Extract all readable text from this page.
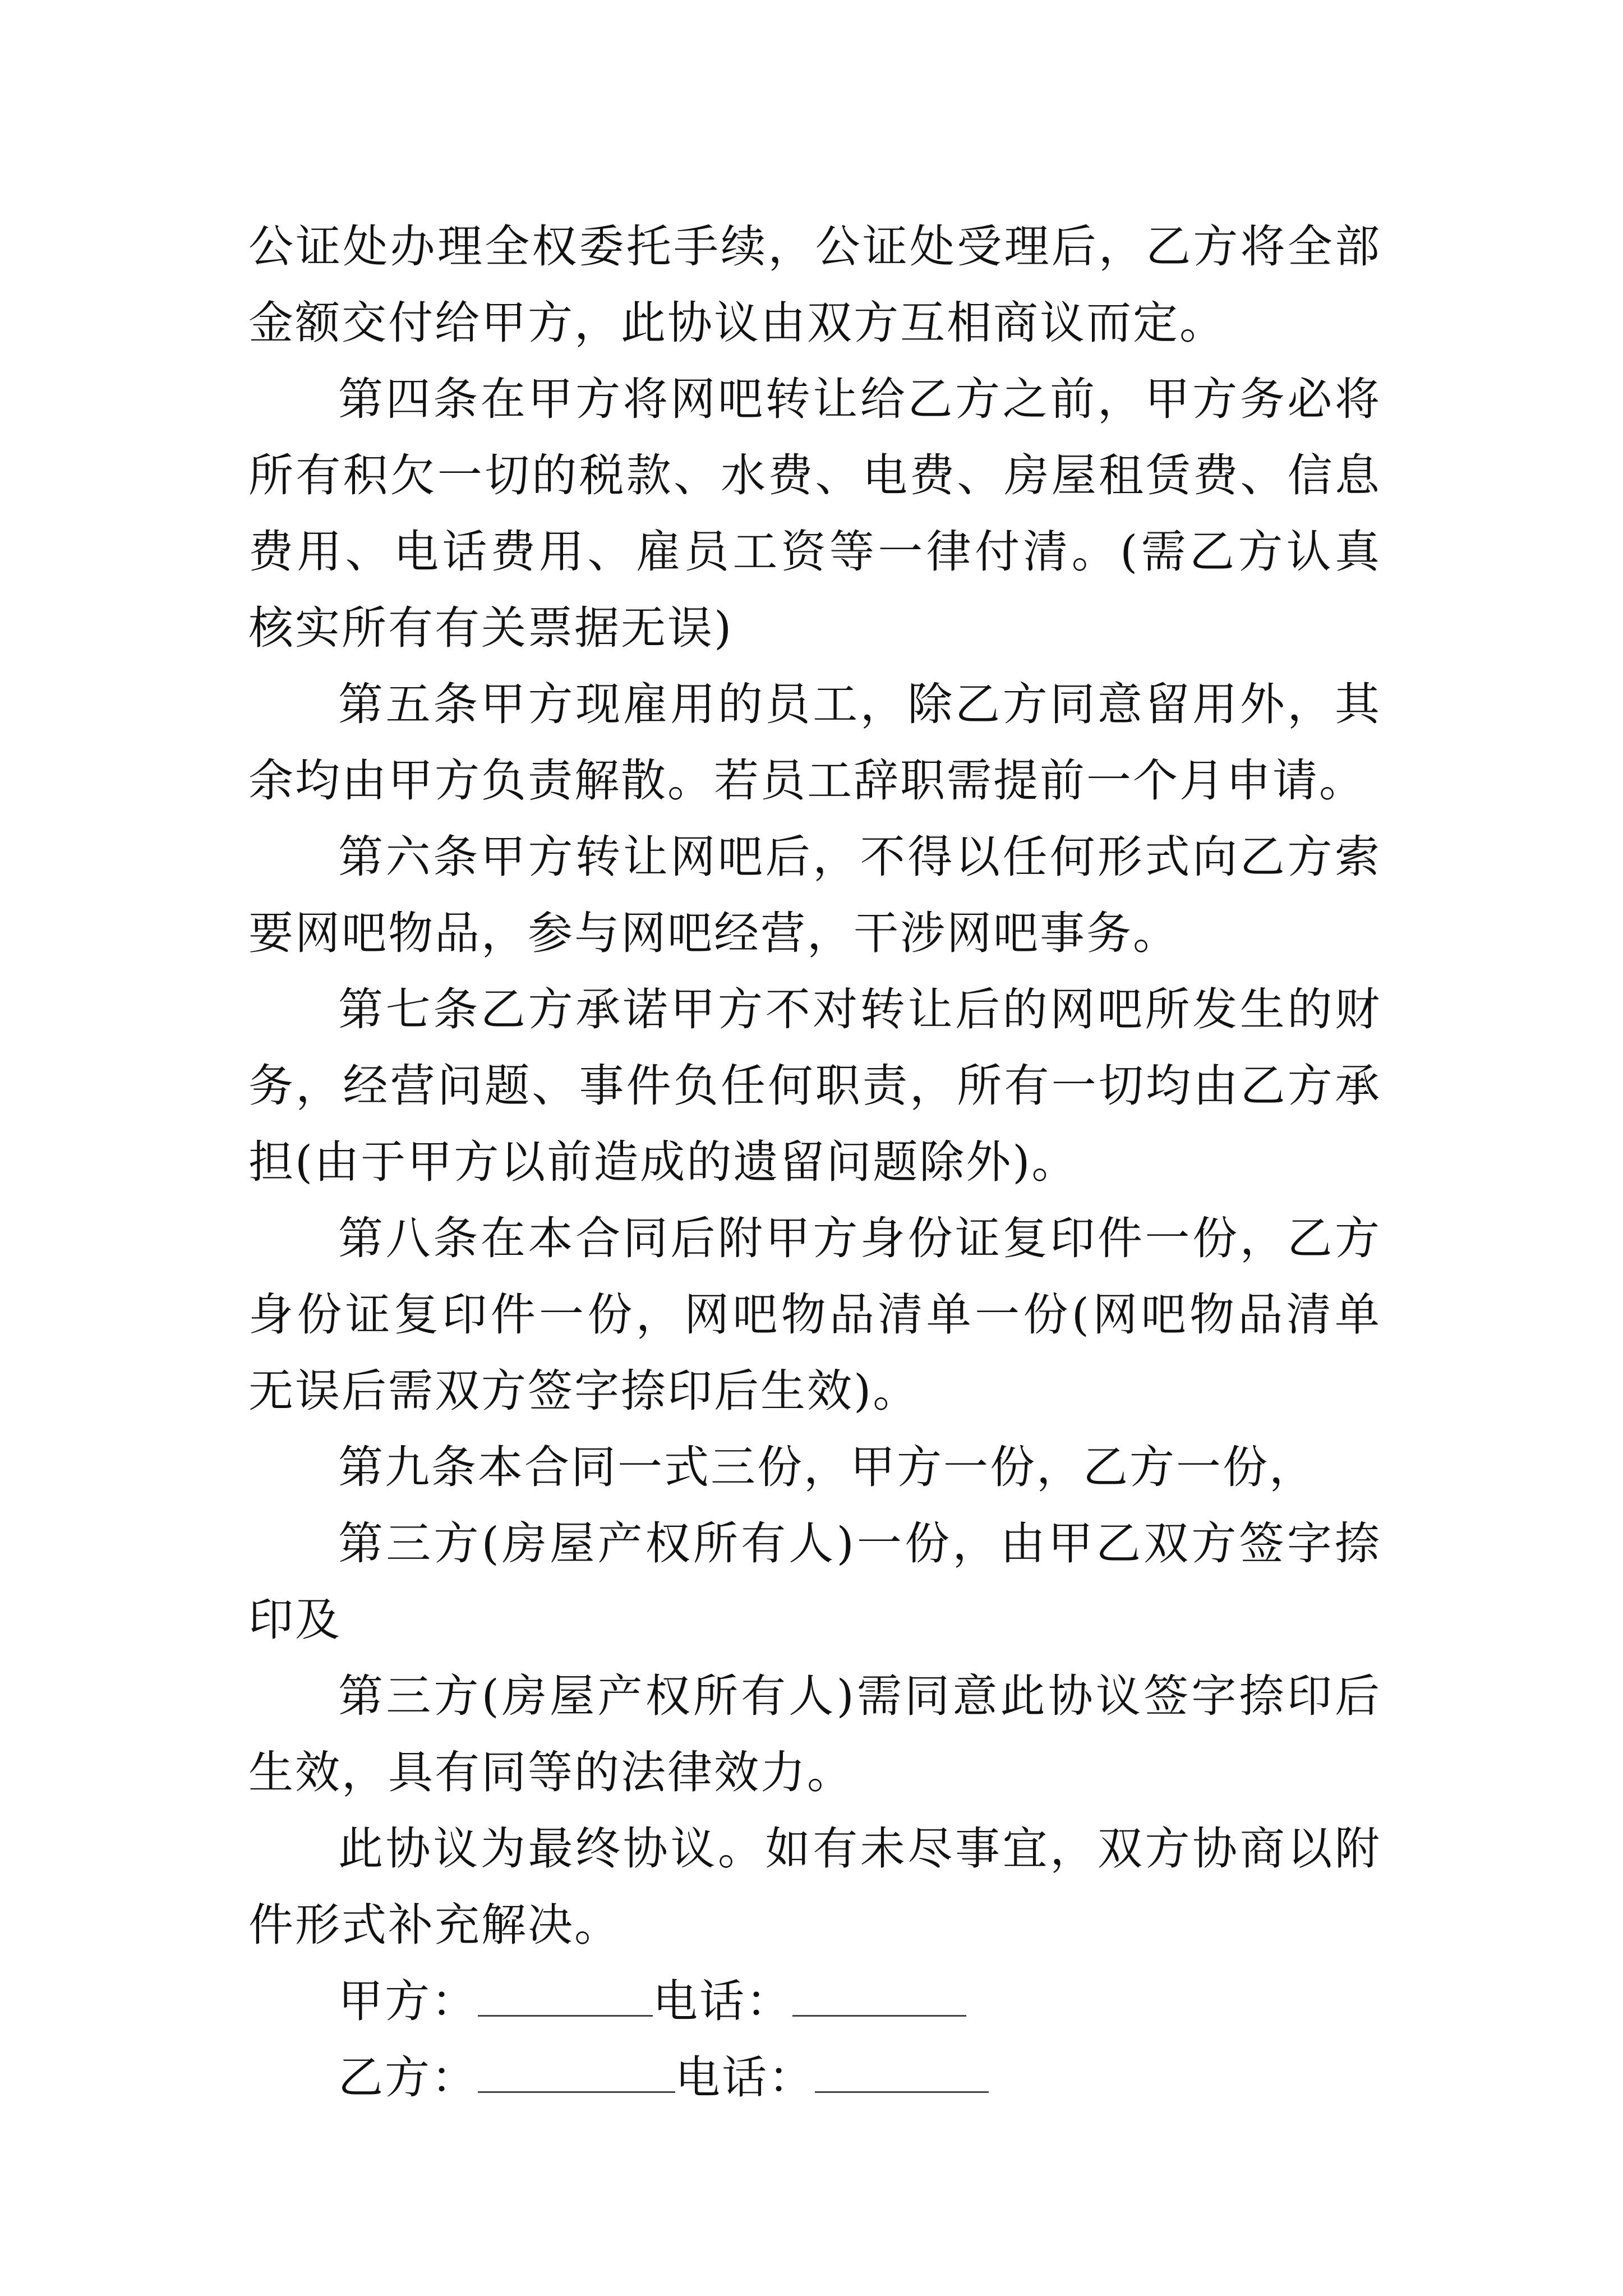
公证处办理全权委托手续，公证处受理后，乙方将全部金额交付给甲方，此协议由双方互相商议而定。

第四条在甲方将网吧转让给乙方之前，甲方务必将所有积欠一切的税款、水费、电费、房屋租赁费、信息费用、电话费用、雇员工资等一律付清。(需乙方认真核实所有有关票据无误)

第五条甲方现雇用的员工，除乙方同意留用外，其余均由甲方负责解散。若员工辞职需提前一个月申请。

第六条甲方转让网吧后，不得以任何形式向乙方索要网吧物品，参与网吧经营，干涉网吧事务。

第七条乙方承诺甲方不对转让后的网吧所发生的财务，经营问题、事件负任何职责，所有一切均由乙方承担(由于甲方以前造成的遗留问题除外)。

第八条在本合同后附甲方身份证复印件一份，乙方身份证复印件一份，网吧物品清单一份(网吧物品清单无误后需双方签字捺印后生效)。

第九条本合同一式三份，甲方一份，乙方一份，

第三方(房屋产权所有人)一份，由甲乙双方签字捺印及

第三方(房屋产权所有人)需同意此协议签字捺印后生效，具有同等的法律效力。

此协议为最终协议。如有未尽事宜，双方协商以附件形式补充解决。

甲方：	电话：

乙方：	电话：
